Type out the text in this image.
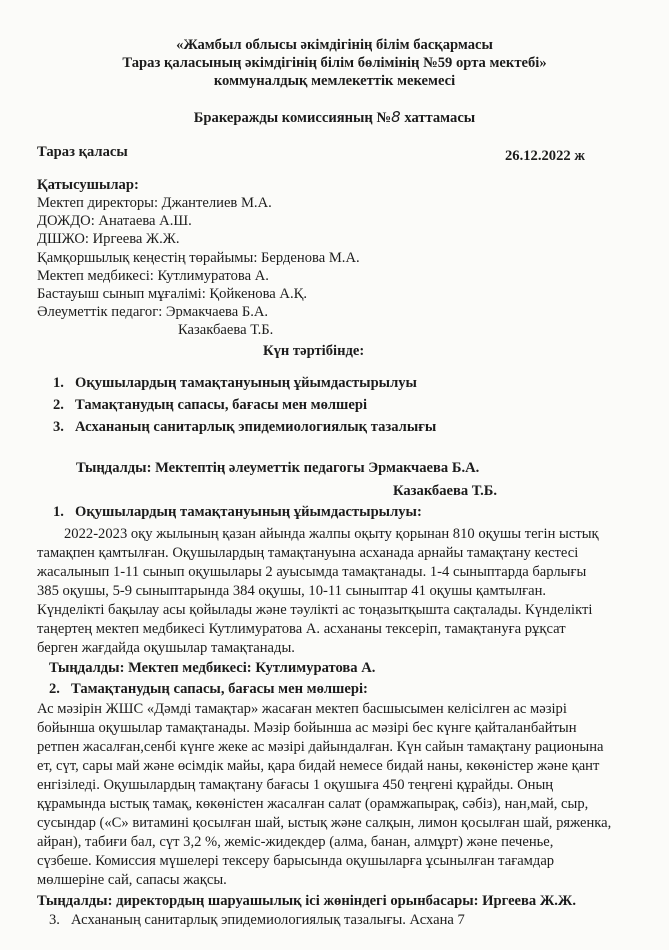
«Жамбыл облысы әкімдігінің білім басқармасы
Тараз қаласының әкімдігінің білім бөлімінің №59 орта мектебі»
коммуналдық мемлекеттік мекемесі
Бракеражды комиссияның №8 хаттамасы
Тараз қаласы	26.12.2022 ж
Қатысушылар:
Мектеп директоры: Джантелиев М.А.
ДОЖДО: Анатаева А.Ш.
ДШЖО: Иргеева Ж.Ж.
Қамқоршылық кеңестің төрайымы: Берденова М.А.
Мектеп медбикесі: Кутлимуратова А.
Бастауыш сынып мұғалімі: Қойкенова А.Қ.
Әлеуметтік педагог: Эрмакчаева Б.А.
Казакбаева Т.Б.
Күн тәртібінде:
1. Оқушылардың тамақтануының ұйымдастырылуы
2. Тамақтанудың сапасы, бағасы мен мөлшері
3. Асхананың санитарлық эпидемиологиялық тазалығы
Тыңдалды: Мектептің әлеуметтік педагогы Эрмакчаева Б.А.
Казакбаева Т.Б.
1. Оқушылардың тамақтануының ұйымдастырылуы:
2022-2023 оқу жылының қазан айында жалпы оқыту қорынан 810 оқушы тегін ыстық
тамақпен қамтылған. Оқушылардың тамақтануына асханада арнайы тамақтану кестесі
жасалынып 1-11 сынып оқушылары 2 ауысымда тамақтанады. 1-4 сыныптарда барлығы
385 оқушы, 5-9 сыныптарында 384 оқушы, 10-11 сыныптар 41 оқушы қамтылған.
Күнделікті бақылау асы қойылады және тәулікті ас тоңазытқышта сақталады. Күнделікті
таңертең мектеп медбикесі Кутлимуратова А. асхананы тексеріп, тамақтануға рұқсат
берген жағдайда оқушылар тамақтанады.
Тыңдалды: Мектеп медбикесі: Кутлимуратова А.
2. Тамақтанудың сапасы, бағасы мен мөлшері:
Ас мәзірін ЖШС «Дәмді тамақтар» жасаған мектеп басшысымен келісілген ас мәзірі
бойынша оқушылар тамақтанады. Мәзір бойынша ас мәзірі бес күнге қайталанбайтын
ретпен жасалған,сенбі күнге жеке ас мәзірі дайындалған. Күн сайын тамақтану рационына
ет, сүт, сары май және өсімдік майы, қара бидай немесе бидай наны, көкөністер және қант
енгізіледі. Оқушылардың тамақтану бағасы 1 оқушыға 450 теңгені құрайды. Оның
құрамында ыстық тамақ, көкөністен жасалған салат (орамжапырақ, сәбіз), нан,май, сыр,
сусындар («С» витамині қосылған шай, ыстық және салқын, лимон қосылған шай, ряженка,
айран), табиғи бал, сүт 3,2 %, жеміс-жидекдер (алма, банан, алмұрт) және печенье,
сүзбеше. Комиссия мүшелері тексеру барысында оқушыларға ұсынылған тағамдар
мөлшеріне сай, сапасы жақсы.
Тыңдалды: директордың шаруашылық ісі жөніндегі орынбасары: Иргеева Ж.Ж.
3. Асхананың санитарлық эпидемиологиялық тазалығы. Асхана 7
